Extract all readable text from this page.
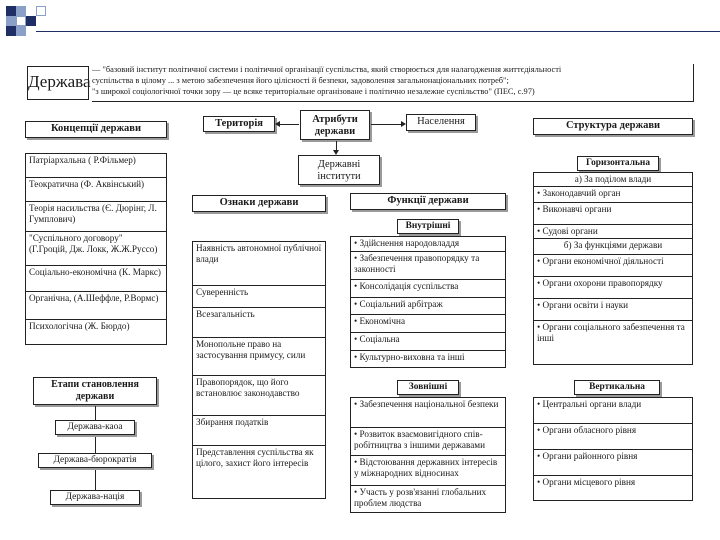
Держава
— "базовий інститут політичної системи і політичної організації суспільства, який створюється для налагодження життєдіяльності
суспільства в цілому ... з метою забезпечення його цілісності й безпеки, задоволення загальнонаціональних потреб";
"з широкої соціологічної точки зору — це всяке територіальне організоване і політично незалежне суспільство" (ПЕС, с.97)
Атрибути держави
Територія	Населення
Державні інститути
Концепції держави
Патріархальна ( Р.Фільмер)
Теократична (Ф. Аквінський)
Теорія насильства (Є. Дюрінг, Л. Гумплович)
"Суспільного договору" (Г.Гроцій, Дж. Локк, Ж.Ж.Руссо)
Соціально-економічна (К. Маркс)
Органічна, (А.Шеффле, Р.Вормс)
Психологічна (Ж. Бюрдо)
Етапи становлення держави
Держава-каоа
Держава-бюрократія
Держава-нація
Ознаки держави
Наявність автономної публічної влади
Суверенність
Всезагальність
Монопольне право на застосування примусу, сили
Правопорядок, що його встановлює законодавство
Збирання податків
Представлення суспільства як цілого, захист його інтересів
Функції держави
Внутрішні
• Здійснення народовладдя
• Забезпечення правопорядку та законності
• Консолідація суспільства
• Соціальний арбітраж
• Економічна
• Соціальна
• Культурно-виховна та інші
Зовнішні
• Забезпечення національної безпеки
• Розвиток взаємовигідного спів-робітництва з іншими державами
• Відстоювання державних інтересів у міжнародних відносинах
• Участь у розв'язанні глобальних проблем людства
Структура держави
Горизонтальна
а) За поділом влади
• Законодавчий орган
• Виконавчі органи
• Судові органи
б) За функціями держави
• Органи економічної діяльності
• Органи охорони правопорядку
• Органи освіти і науки
• Органи соціального забезпечення та інші
Вертикальна
• Центральні органи влади
• Органи обласного рівня
• Органи районного рівня
• Органи місцевого рівня
